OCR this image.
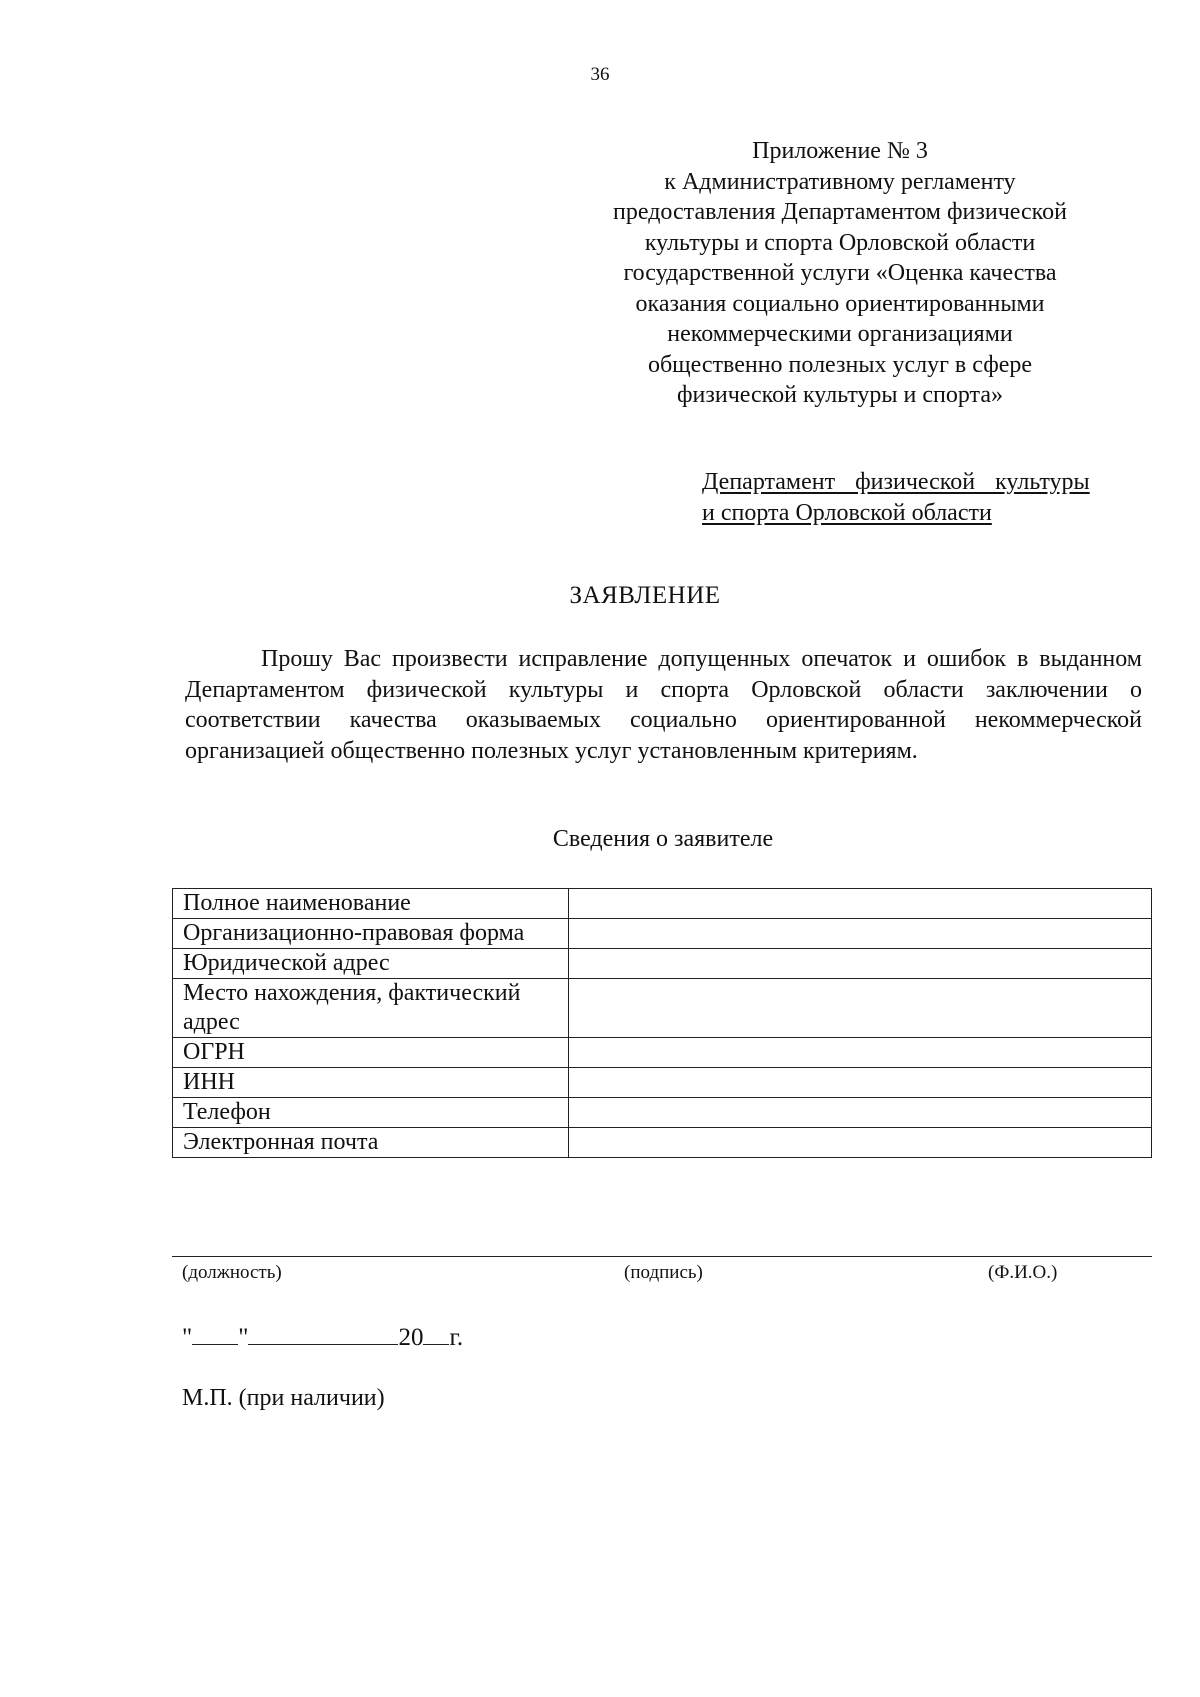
36
Приложение № 3
к Административному регламенту
предоставления Департаментом физической
культуры и спорта Орловской области
государственной услуги «Оценка качества
оказания социально ориентированными
некоммерческими организациями
общественно полезных услуг в сфере
физической культуры и спорта»
Департамент физической культуры
и спорта Орловской области
ЗАЯВЛЕНИЕ

Прошу Вас произвести исправление допущенных опечаток и ошибок в выданном Департаментом физической культуры и спорта Орловской области заключении о соответствии качества оказываемых социально ориентированной некоммерческой организацией общественно полезных услуг установленным критериям.

Сведения о заявителе
Полное наименование	
Организационно-правовая форма	
Юридической адрес	
Место нахождения, фактический адрес	
ОГРН	
ИНН	
Телефон	
Электронная почта	
(должность)	(подпись)	(Ф.И.О.)
" "	20 г.
М.П. (при наличии)
